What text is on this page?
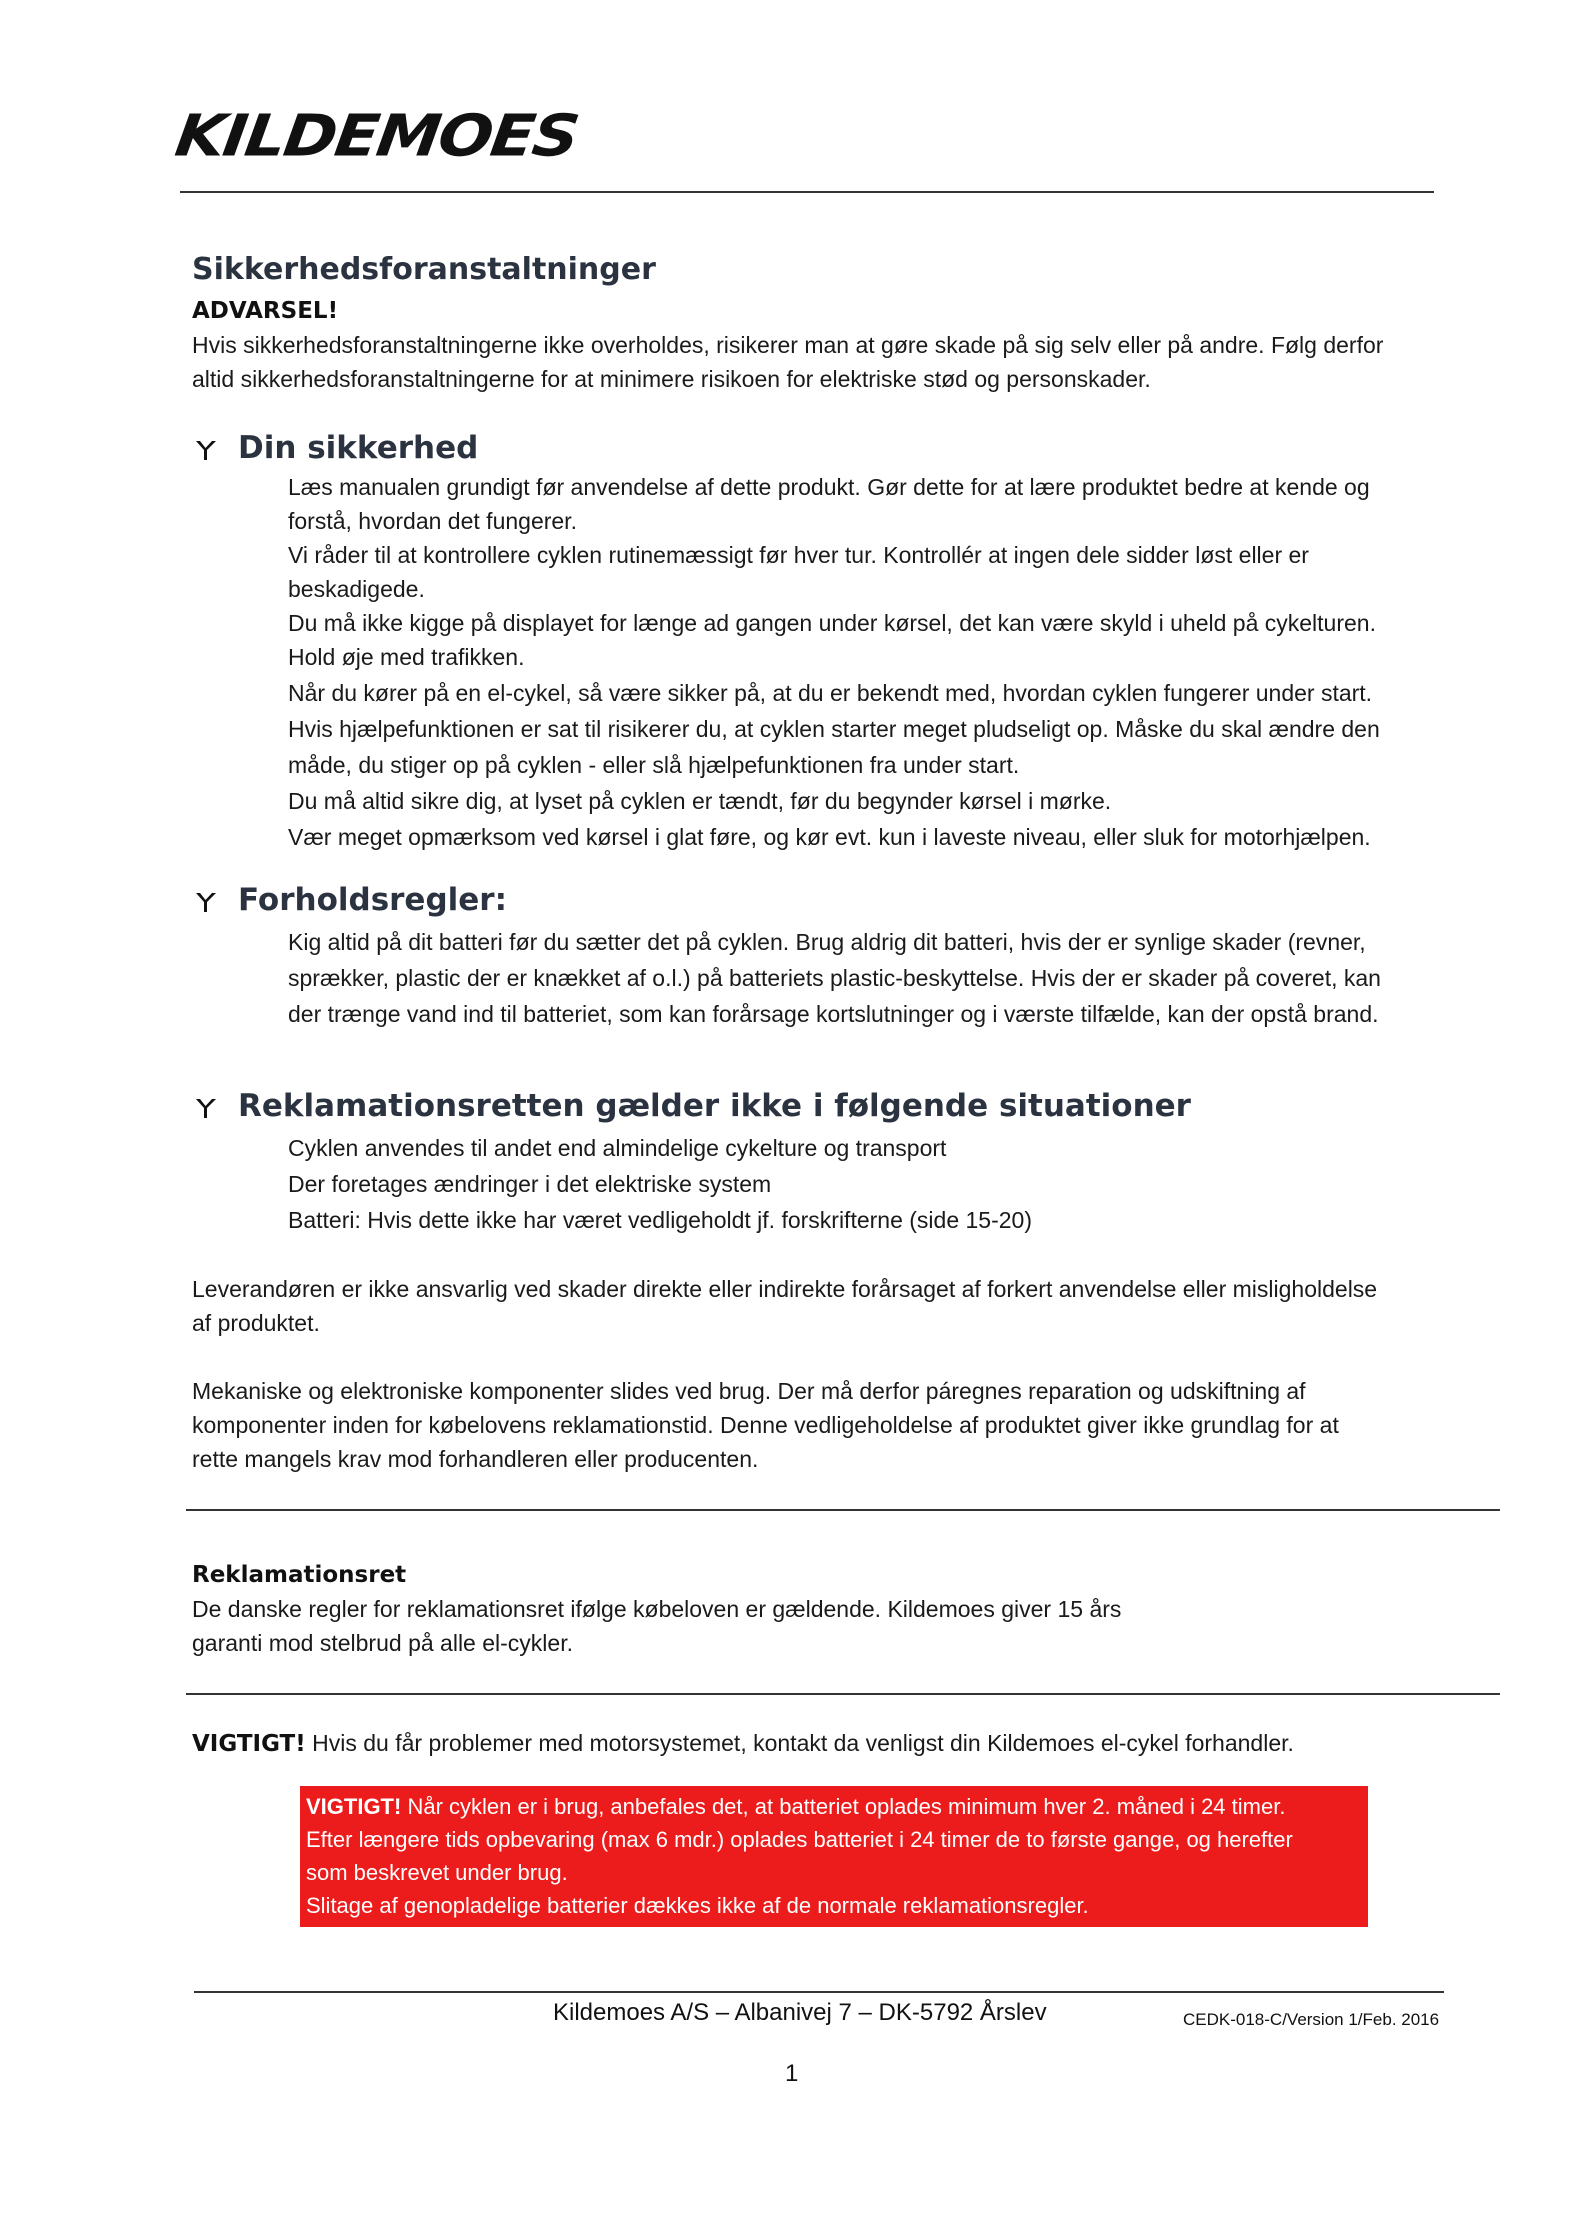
KILDEMOES
Sikkerhedsforanstaltninger
ADVARSEL!
Hvis sikkerhedsforanstaltningerne ikke overholdes, risikerer man at gøre skade på sig selv eller på andre. Følg derfor
altid sikkerhedsforanstaltningerne for at minimere risikoen for elektriske stød og personskader.
Din sikkerhed
Læs manualen grundigt før anvendelse af dette produkt. Gør dette for at lære produktet bedre at kende og
forstå, hvordan det fungerer.
Vi råder til at kontrollere cyklen rutinemæssigt før hver tur. Kontrollér at ingen dele sidder løst eller er
beskadigede.
Du må ikke kigge på displayet for længe ad gangen under kørsel, det kan være skyld i uheld på cykelturen.
Hold øje med trafikken.
Når du kører på en el-cykel, så være sikker på, at du er bekendt med, hvordan cyklen fungerer under start.
Hvis hjælpefunktionen er sat til risikerer du, at cyklen starter meget pludseligt op. Måske du skal ændre den
måde, du stiger op på cyklen - eller slå hjælpefunktionen fra under start.
Du må altid sikre dig, at lyset på cyklen er tændt, før du begynder kørsel i mørke.
Vær meget opmærksom ved kørsel i glat føre, og kør evt. kun i laveste niveau, eller sluk for motorhjælpen.
Forholdsregler:
Kig altid på dit batteri før du sætter det på cyklen. Brug aldrig dit batteri, hvis der er synlige skader (revner,
sprækker, plastic der er knækket af o.l.) på batteriets plastic-beskyttelse. Hvis der er skader på coveret, kan
der trænge vand ind til batteriet, som kan forårsage kortslutninger og i værste tilfælde, kan der opstå brand.
Reklamationsretten gælder ikke i følgende situationer
Cyklen anvendes til andet end almindelige cykelture og transport
Der foretages ændringer i det elektriske system
Batteri: Hvis dette ikke har været vedligeholdt jf. forskrifterne (side 15-20)
Leverandøren er ikke ansvarlig ved skader direkte eller indirekte forårsaget af forkert anvendelse eller misligholdelse
af produktet.
Mekaniske og elektroniske komponenter slides ved brug. Der må derfor páregnes reparation og udskiftning af
komponenter inden for købelovens reklamationstid. Denne vedligeholdelse af produktet giver ikke grundlag for at
rette mangels krav mod forhandleren eller producenten.
Reklamationsret
De danske regler for reklamationsret ifølge købeloven er gældende. Kildemoes giver 15 års
garanti mod stelbrud på alle el-cykler.
VIGTIGT! Hvis du får problemer med motorsystemet, kontakt da venligst din Kildemoes el-cykel forhandler.
VIGTIGT! Når cyklen er i brug, anbefales det, at batteriet oplades minimum hver 2. måned i 24 timer.
Efter længere tids opbevaring (max 6 mdr.) oplades batteriet i 24 timer de to første gange, og herefter
som beskrevet under brug.
Slitage af genopladelige batterier dækkes ikke af de normale reklamationsregler.
Kildemoes A/S – Albanivej 7 – DK-5792 Årslev	CEDK-018-C/Version 1/Feb. 2016
1
